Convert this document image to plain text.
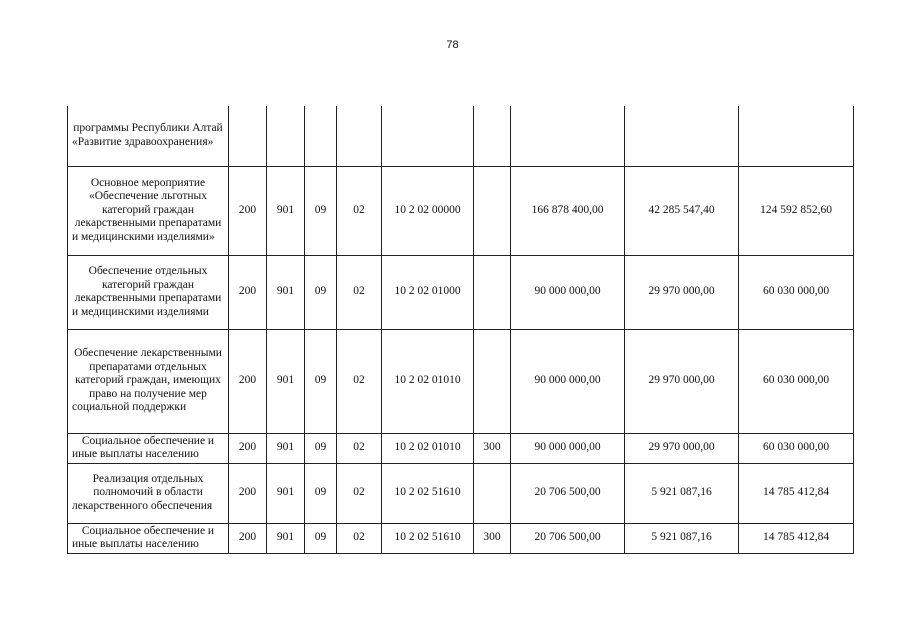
78
программы Республики Алтай «Развитие здравоохранения»									
Основное мероприятие «Обеспечение льготных категорий граждан лекарственными препаратами и медицинскими изделиями»	200	901	09	02	10 2 02 00000		166 878 400,00	42 285 547,40	124 592 852,60
Обеспечение отдельных категорий граждан лекарственными препаратами и медицинскими изделиями	200	901	09	02	10 2 02 01000		90 000 000,00	29 970 000,00	60 030 000,00
Обеспечение лекарственными препаратами отдельных категорий граждан, имеющих право на получение мер социальной поддержки	200	901	09	02	10 2 02 01010		90 000 000,00	29 970 000,00	60 030 000,00
Социальное обеспечение и иные выплаты населению	200	901	09	02	10 2 02 01010	300	90 000 000,00	29 970 000,00	60 030 000,00
Реализация отдельных полномочий в области лекарственного обеспечения	200	901	09	02	10 2 02 51610		20 706 500,00	5 921 087,16	14 785 412,84
Социальное обеспечение и иные выплаты населению	200	901	09	02	10 2 02 51610	300	20 706 500,00	5 921 087,16	14 785 412,84
